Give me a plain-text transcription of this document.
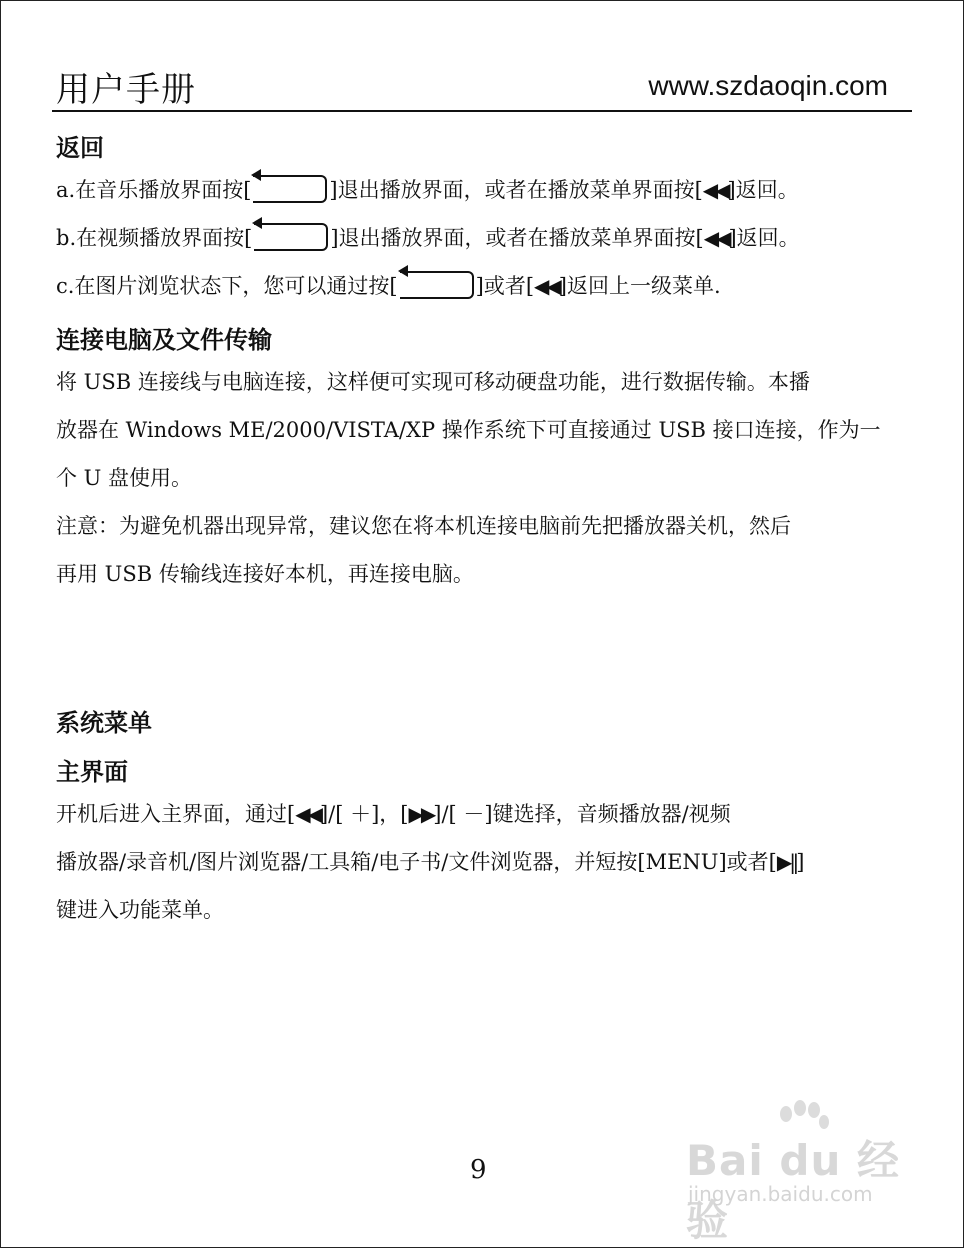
用户手册	www.szdaoqin.com
返回
a.在音乐播放界面按[	]退出播放界面，或者在播放菜单界面按[◀◀]返回。
b.在视频播放界面按[	]退出播放界面，或者在播放菜单界面按[◀◀]返回。
c.在图片浏览状态下，您可以通过按[	]或者[◀◀]返回上一级菜单.
连接电脑及文件传输
将 USB 连接线与电脑连接，这样便可实现可移动硬盘功能，进行数据传输。本播
放器在 Windows ME/2000/VISTA/XP 操作系统下可直接通过 USB 接口连接，作为一
个 U 盘使用。
注意：为避免机器出现异常，建议您在将本机连接电脑前先把播放器关机，然后
再用 USB 传输线连接好本机，再连接电脑。
系统菜单
主界面
开机后进入主界面，通过[◀◀]/[ ＋]，[▶▶]/[ －]键选择，音频播放器/视频
播放器/录音机/图片浏览器/工具箱/电子书/文件浏览器，并短按[MENU]或者[▶‖]
键进入功能菜单。
9	Bai du 经验
jingyan.baidu.com
